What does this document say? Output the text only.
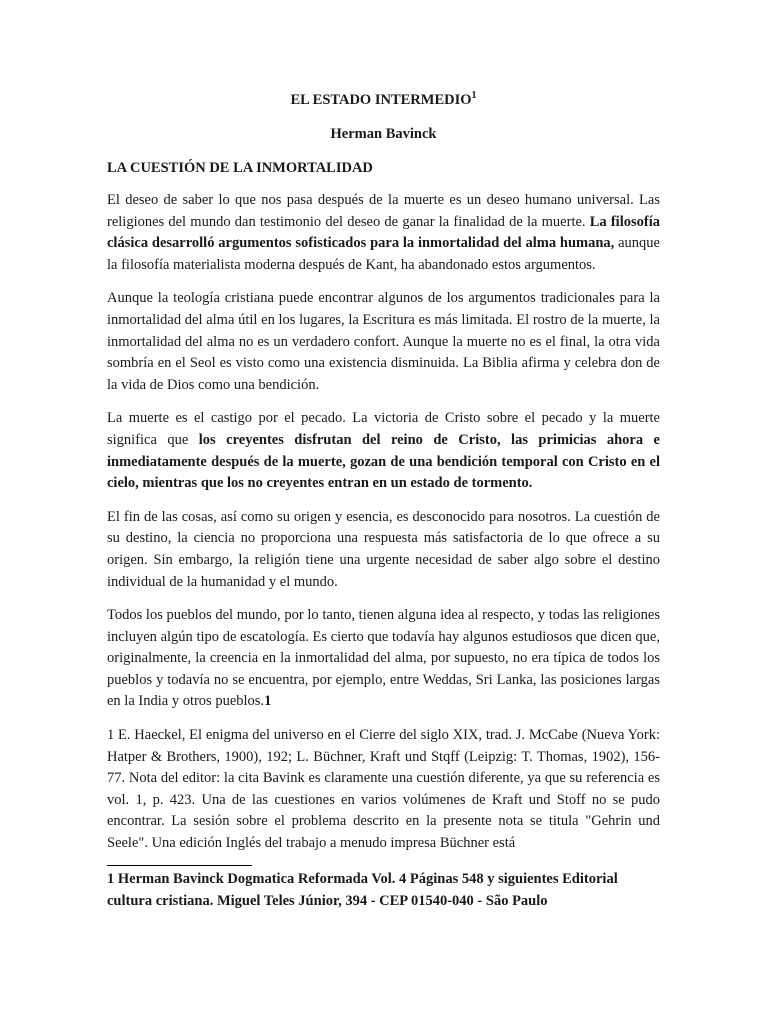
EL ESTADO INTERMEDIO$^1$
Herman Bavinck
LA CUESTIÓN DE LA INMORTALIDAD

El deseo de saber lo que nos pasa después de la muerte es un deseo humano universal. Las religiones del mundo dan testimonio del deseo de ganar la finalidad de la muerte. La filosofía clásica desarrolló argumentos sofisticados para la inmortalidad del alma humana, aunque la filosofía materialista moderna después de Kant, ha abandonado estos argumentos.

Aunque la teología cristiana puede encontrar algunos de los argumentos tradicionales para la inmortalidad del alma útil en los lugares, la Escritura es más limitada. El rostro de la muerte, la inmortalidad del alma no es un verdadero confort. Aunque la muerte no es el final, la otra vida sombría en el Seol es visto como una existencia disminuida. La Biblia afirma y celebra don de la vida de Dios como una bendición.

La muerte es el castigo por el pecado. La victoria de Cristo sobre el pecado y la muerte significa que los creyentes disfrutan del reino de Cristo, las primicias ahora e inmediatamente después de la muerte, gozan de una bendición temporal con Cristo en el cielo, mientras que los no creyentes entran en un estado de tormento.

El fin de las cosas, así como su origen y esencia, es desconocido para nosotros. La cuestión de su destino, la ciencia no proporciona una respuesta más satisfactoria de lo que ofrece a su origen. Sin embargo, la religión tiene una urgente necesidad de saber algo sobre el destino individual de la humanidad y el mundo.

Todos los pueblos del mundo, por lo tanto, tienen alguna idea al respecto, y todas las religiones incluyen algún tipo de escatología. Es cierto que todavía hay algunos estudiosos que dicen que, originalmente, la creencia en la inmortalidad del alma, por supuesto, no era típica de todos los pueblos y todavía no se encuentra, por ejemplo, entre Weddas, Sri Lanka, las posiciones largas en la India y otros pueblos.1

1 E. Haeckel, El enigma del universo en el Cierre del siglo XIX, trad. J. McCabe (Nueva York: Hatper & Brothers, 1900), 192; L. Büchner, Kraft und Stqff (Leipzig: T. Thomas, 1902), 156-77. Nota del editor: la cita Bavink es claramente una cuestión diferente, ya que su referencia es vol. 1, p. 423. Una de las cuestiones en varios volúmenes de Kraft und Stoff no se pudo encontrar. La sesión sobre el problema descrito en la presente nota se titula "Gehrin und Seele". Una edición Inglés del trabajo a menudo impresa Büchner está

1 Herman Bavinck Dogmatica Reformada Vol. 4 Páginas 548 y siguientes Editorial
cultura cristiana. Miguel Teles Júnior, 394 - CEP 01540-040 - São Paulo
